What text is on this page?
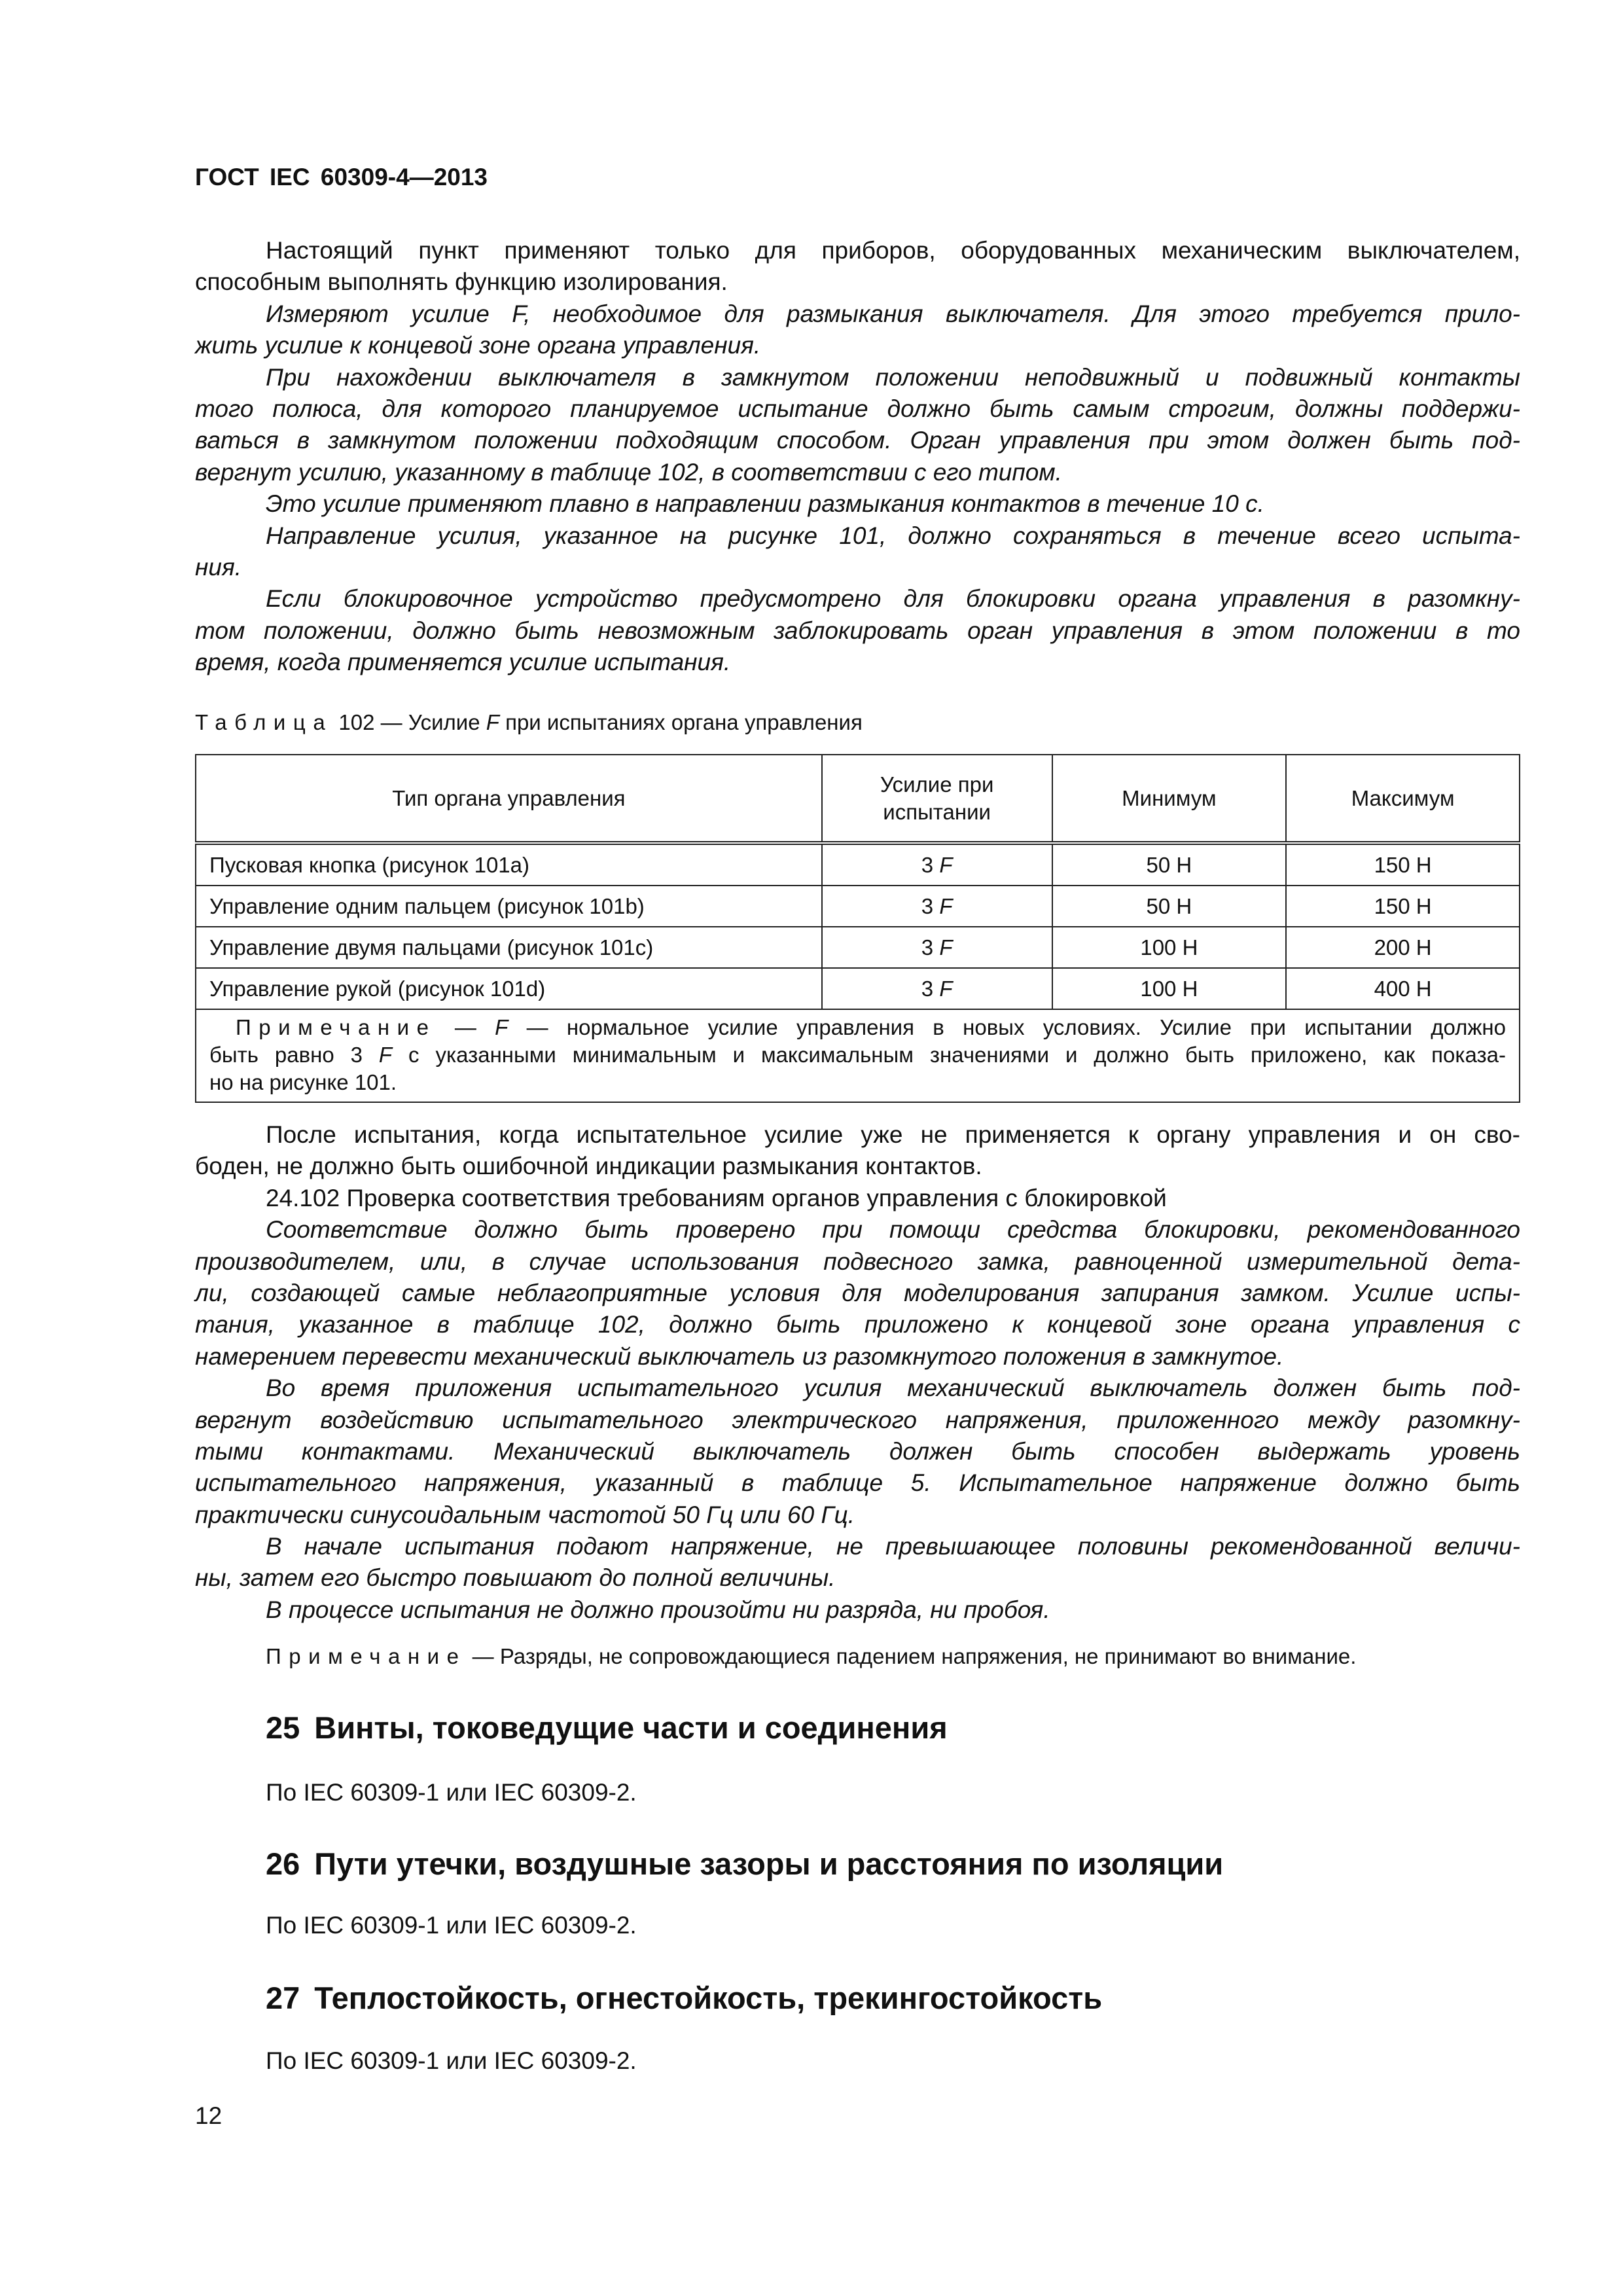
ГОСТ IEC 60309-4—2013
Настоящий пункт применяют только для приборов, оборудованных механическим выключателем,
способным выполнять функцию изолирования.
Измеряют усилие F, необходимое для размыкания выключателя. Для этого требуется прило-
жить усилие к концевой зоне органа управления.
При нахождении выключателя в замкнутом положении неподвижный и подвижный контакты
того полюса, для которого планируемое испытание должно быть самым строгим, должны поддержи-
ваться в замкнутом положении подходящим способом. Орган управления при этом должен быть под-
вергнут усилию, указанному в таблице 102, в соответствии с его типом.
Это усилие применяют плавно в направлении размыкания контактов в течение 10 с.
Направление усилия, указанное на рисунке 101, должно сохраняться в течение всего испыта-
ния.
Если блокировочное устройство предусмотрено для блокировки органа управления в разомкну-
том положении, должно быть невозможным заблокировать орган управления в этом положении в то
время, когда применяется усилие испытания.
Таблица 102 — Усилие F при испытаниях органа управления
Тип органа управления	Усилие при испытании	Минимум	Максимум
Пусковая кнопка (рисунок 101a)	3 F	50 Н	150 Н
Управление одним пальцем (рисунок 101b)	3 F	50 Н	150 Н
Управление двумя пальцами (рисунок 101c)	3 F	100 Н	200 Н
Управление рукой (рисунок 101d)	3 F	100 Н	400 Н

Примечание — F — нормальное усилие управления в новых условиях. Усилие при испытании должно
быть равно 3 F с указанными минимальным и максимальным значениями и должно быть приложено, как показа-
но на рисунке 101.			
После испытания, когда испытательное усилие уже не применяется к органу управления и он сво-
боден, не должно быть ошибочной индикации размыкания контактов.
24.102 Проверка соответствия требованиям органов управления с блокировкой
Соответствие должно быть проверено при помощи средства блокировки, рекомендованного
производителем, или, в случае использования подвесного замка, равноценной измерительной дета-
ли, создающей самые неблагоприятные условия для моделирования запирания замком. Усилие испы-
тания, указанное в таблице 102, должно быть приложено к концевой зоне органа управления с
намерением перевести механический выключатель из разомкнутого положения в замкнутое.
Во время приложения испытательного усилия механический выключатель должен быть под-
вергнут воздействию испытательного электрического напряжения, приложенного между разомкну-
тыми контактами. Механический выключатель должен быть способен выдержать уровень
испытательного напряжения, указанный в таблице 5. Испытательное напряжение должно быть
практически синусоидальным частотой 50 Гц или 60 Гц.
В начале испытания подают напряжение, не превышающее половины рекомендованной величи-
ны, затем его быстро повышают до полной величины.
В процессе испытания не должно произойти ни разряда, ни пробоя.
Примечание — Разряды, не сопровождающиеся падением напряжения, не принимают во внимание.
25 Винты, токоведущие части и соединения
По IEC 60309-1 или IEC 60309-2.
26 Пути утечки, воздушные зазоры и расстояния по изоляции
По IEC 60309-1 или IEC 60309-2.
27 Теплостойкость, огнестойкость, трекингостойкость
По IEC 60309-1 или IEC 60309-2.
12
